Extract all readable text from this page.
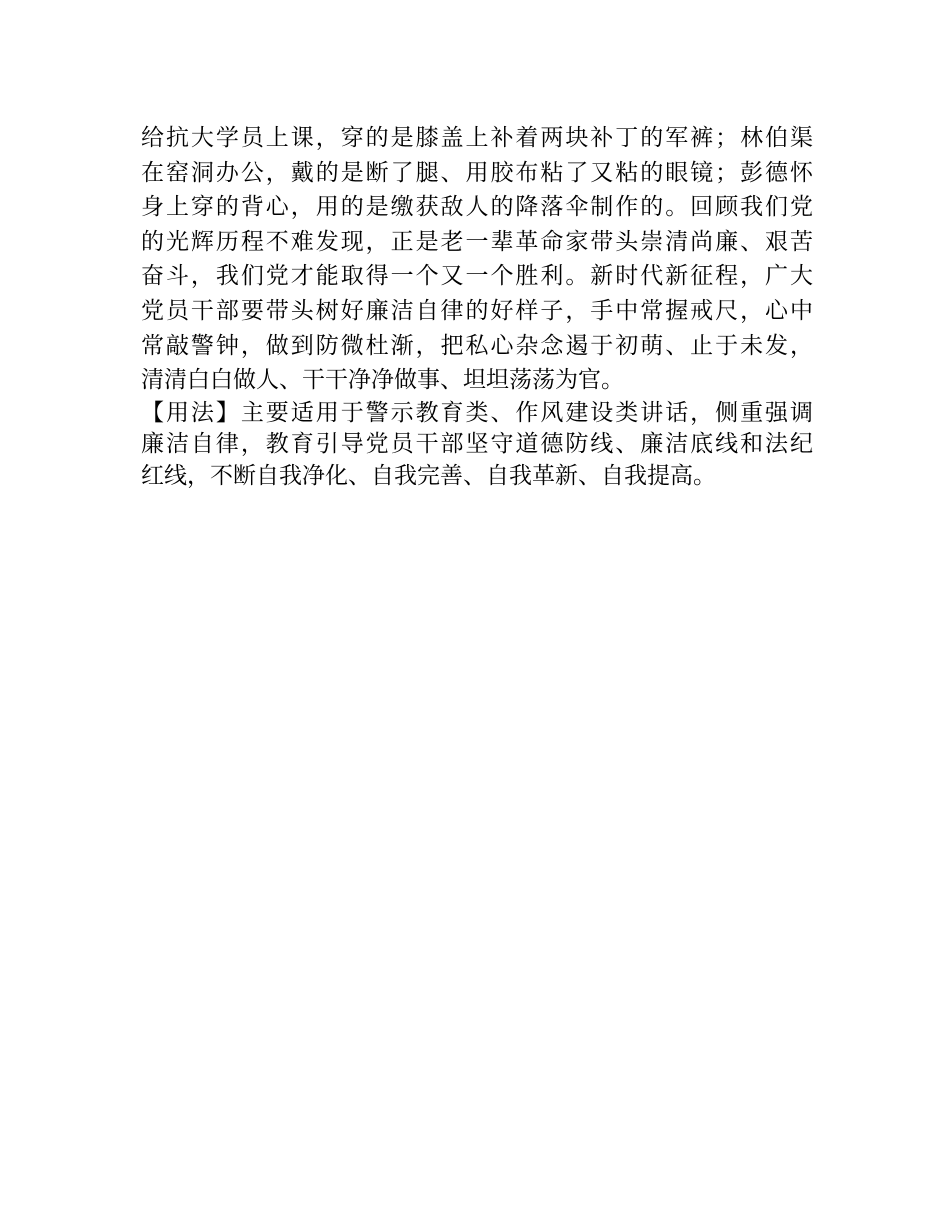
给抗大学员上课，穿的是膝盖上补着两块补丁的军裤；林伯渠
在窑洞办公，戴的是断了腿、用胶布粘了又粘的眼镜；彭德怀
身上穿的背心，用的是缴获敌人的降落伞制作的。回顾我们党
的光辉历程不难发现，正是老一辈革命家带头崇清尚廉、艰苦
奋斗，我们党才能取得一个又一个胜利。新时代新征程，广大
党员干部要带头树好廉洁自律的好样子，手中常握戒尺，心中
常敲警钟，做到防微杜渐，把私心杂念遏于初萌、止于未发，
清清白白做人、干干净净做事、坦坦荡荡为官。
【用法】主要适用于警示教育类、作风建设类讲话，侧重强调
廉洁自律，教育引导党员干部坚守道德防线、廉洁底线和法纪
红线，不断自我净化、自我完善、自我革新、自我提高。
